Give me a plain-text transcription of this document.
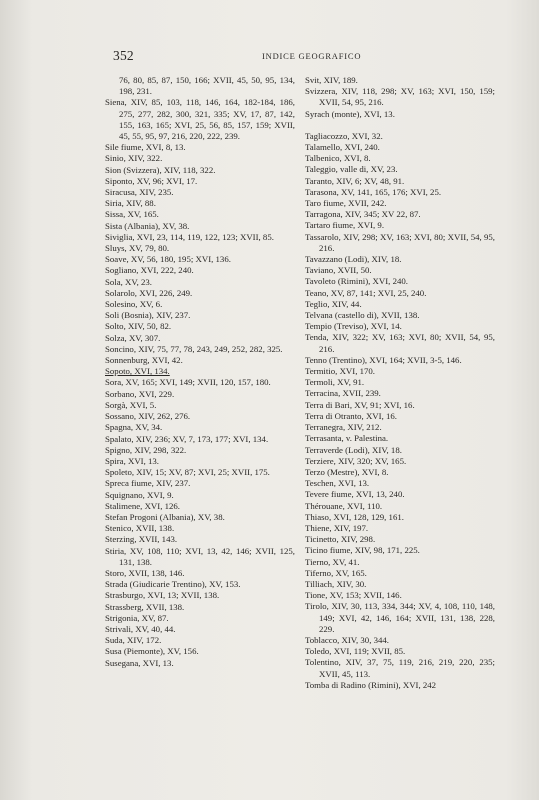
352	INDICE GEOGRAFICO
76, 80, 85, 87, 150, 166; XVII, 45, 50, 95, 134, 198, 231.
Siena, XIV, 85, 103, 118, 146, 164, 182-184, 186, 275, 277, 282, 300, 321, 335; XV, 17, 87, 142, 155, 163, 165; XVI, 25, 56, 85, 157, 159; XVII, 45, 55, 95, 97, 216, 220, 222, 239.
Sile fiume, XVI, 8, 13.
Sinio, XIV, 322.
Sion (Svizzera), XIV, 118, 322.
Siponto, XV, 96; XVI, 17.
Siracusa, XIV, 235.
Siria, XIV, 88.
Sissa, XV, 165.
Sista (Albania), XV, 38.
Siviglia, XVI, 23, 114, 119, 122, 123; XVII, 85.
Sluys, XV, 79, 80.
Soave, XV, 56, 180, 195; XVI, 136.
Sogliano, XVI, 222, 240.
Sola, XV, 23.
Solarolo, XVI, 226, 249.
Solesino, XV, 6.
Soli (Bosnia), XIV, 237.
Solto, XIV, 50, 82.
Solza, XV, 307.
Soncino, XIV, 75, 77, 78, 243, 249, 252, 282, 325.
Sonnenburg, XVI, 42.
Sopoto, XVI, 134.
Sora, XV, 165; XVI, 149; XVII, 120, 157, 180.
Sorbano, XVI, 229.
Sorgà, XVI, 5.
Sossano, XIV, 262, 276.
Spagna, XV, 34.
Spalato, XIV, 236; XV, 7, 173, 177; XVI, 134.
Spigno, XIV, 298, 322.
Spira, XVI, 13.
Spoleto, XIV, 15; XV, 87; XVI, 25; XVII, 175.
Spreca fiume, XIV, 237.
Squignano, XVI, 9.
Stalimene, XVI, 126.
Stefan Progoni (Albania), XV, 38.
Stenico, XVII, 138.
Sterzing, XVII, 143.
Stiria, XV, 108, 110; XVI, 13, 42, 146; XVII, 125, 131, 138.
Storo, XVII, 138, 146.
Strada (Giudicarie Trentino), XV, 153.
Strasburgo, XVI, 13; XVII, 138.
Strassberg, XVII, 138.
Strigonia, XV, 87.
Strivali, XV, 40, 44.
Suda, XIV, 172.
Susa (Piemonte), XV, 156.
Susegana, XVI, 13.
Svit, XIV, 189.
Svizzera, XIV, 118, 298; XV, 163; XVI, 150, 159; XVII, 54, 95, 216.
Syrach (monte), XVI, 13.
Tagliacozzo, XVI, 32.
Talamello, XVI, 240.
Talbenico, XVI, 8.
Taleggio, valle di, XV, 23.
Taranto, XIV, 6; XV, 48, 91.
Tarasona, XV, 141, 165, 176; XVI, 25.
Taro fiume, XVII, 242.
Tarragona, XIV, 345; XV 22, 87.
Tartaro fiume, XVI, 9.
Tassarolo, XIV, 298; XV, 163; XVI, 80; XVII, 54, 95, 216.
Tavazzano (Lodi), XIV, 18.
Taviano, XVII, 50.
Tavoleto (Rimini), XVI, 240.
Teano, XV, 87, 141; XVI, 25, 240.
Teglio, XIV, 44.
Telvana (castello di), XVII, 138.
Tempio (Treviso), XVI, 14.
Tenda, XIV, 322; XV, 163; XVI, 80; XVII, 54, 95, 216.
Tenno (Trentino), XVI, 164; XVII, 3-5, 146.
Termitio, XVI, 170.
Termoli, XV, 91.
Terracina, XVII, 239.
Terra di Bari, XV, 91; XVI, 16.
Terra di Otranto, XVI, 16.
Terranegra, XIV, 212.
Terrasanta, v. Palestina.
Terraverde (Lodi), XIV, 18.
Terziere, XIV, 320; XV, 165.
Terzo (Mestre), XVI, 8.
Teschen, XVI, 13.
Tevere fiume, XVI, 13, 240.
Thérouane, XVI, 110.
Thiaso, XVI, 128, 129, 161.
Thiene, XIV, 197.
Ticinetto, XIV, 298.
Ticino fiume, XIV, 98, 171, 225.
Tierno, XV, 41.
Tiferno, XV, 165.
Tilliach, XIV, 30.
Tione, XV, 153; XVII, 146.
Tirolo, XIV, 30, 113, 334, 344; XV, 4, 108, 110, 148, 149; XVI, 42, 146, 164; XVII, 131, 138, 228, 229.
Toblacco, XIV, 30, 344.
Toledo, XVI, 119; XVII, 85.
Tolentino, XIV, 37, 75, 119, 216, 219, 220, 235; XVII, 45, 113.
Tomba di Radino (Rimini), XVI, 242
